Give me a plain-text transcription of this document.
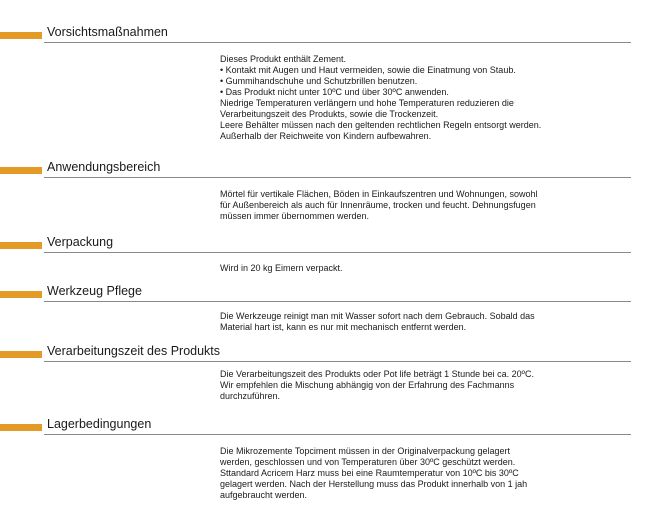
Vorsichtsmaßnahmen

Dieses Produkt enthält Zement.

• Kontakt mit Augen und Haut vermeiden, sowie die Einatmung von Staub.

• Gummihandschuhe und Schutzbrillen benutzen.

• Das Produkt nicht unter 10ºC und über 30ºC anwenden.

Niedrige Temperaturen verlängern und hohe Temperaturen reduzieren die

Verarbeitungszeit des Produkts, sowie die Trockenzeit.

Leere Behälter müssen nach den geltenden rechtlichen Regeln entsorgt werden.

Außerhalb der Reichweite von Kindern aufbewahren.

Anwendungsbereich

Mörtel für vertikale Flächen, Böden in Einkaufszentren und Wohnungen, sowohl

für Außenbereich als auch für Innenräume, trocken und feucht. Dehnungsfugen

müssen immer übernommen werden.

Verpackung

Wird in 20 kg Eimern verpackt.

Werkzeug Pflege

Die Werkzeuge reinigt man mit Wasser sofort nach dem Gebrauch. Sobald das

Material hart ist, kann es nur mit mechanisch entfernt werden.

Verarbeitungszeit des Produkts

Die Verarbeitungszeit des Produkts oder Pot life beträgt 1 Stunde bei ca. 20ºC.

Wir empfehlen die Mischung abhängig von der Erfahrung des Fachmanns

durchzuführen.

Lagerbedingungen

Die Mikrozemente Topciment müssen in der Originalverpackung gelagert

werden, geschlossen und von Temperaturen über 30ºC geschützt werden.

Sttandard Acricem Harz muss bei eine Raumtemperatur von 10ºC bis 30ºC

gelagert werden. Nach der Herstellung muss das Produkt innerhalb von 1 jah

aufgebraucht werden.
